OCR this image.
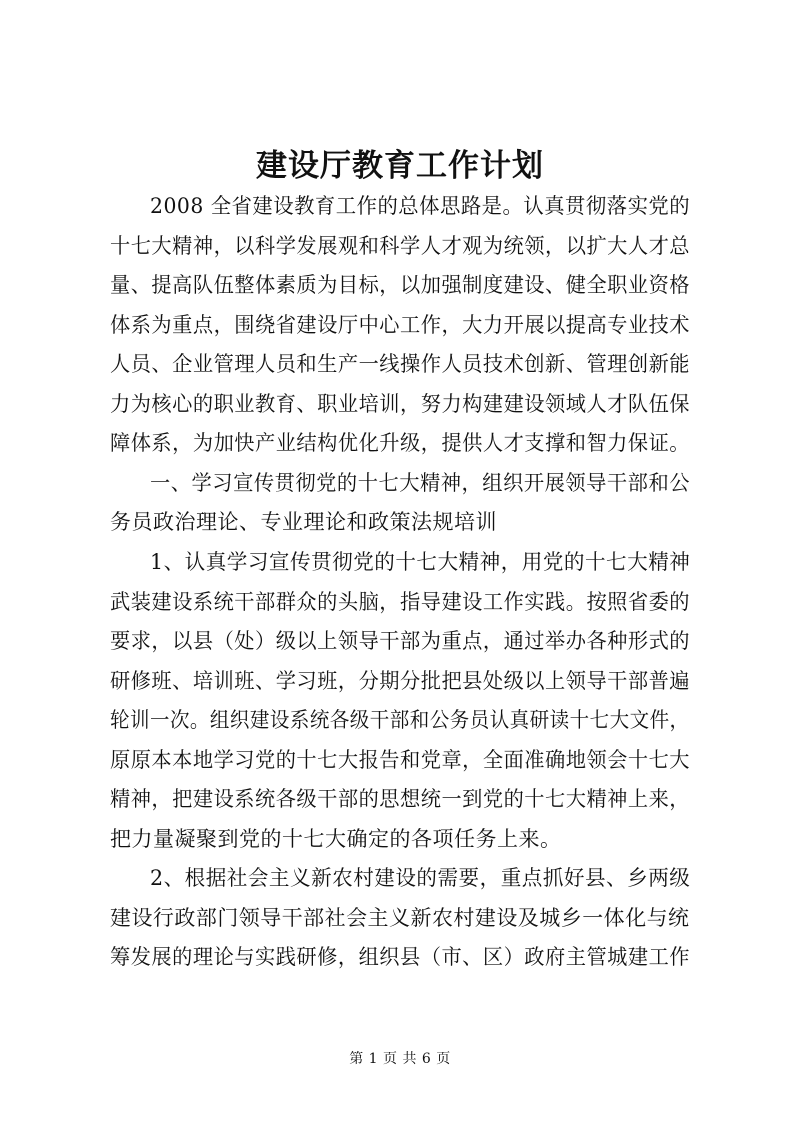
建设厅教育工作计划
2008 全省建设教育工作的总体思路是。认真贯彻落实党的
十七大精神，以科学发展观和科学人才观为统领，以扩大人才总
量、提高队伍整体素质为目标，以加强制度建设、健全职业资格
体系为重点，围绕省建设厅中心工作，大力开展以提高专业技术
人员、企业管理人员和生产一线操作人员技术创新、管理创新能
力为核心的职业教育、职业培训，努力构建建设领域人才队伍保
障体系，为加快产业结构优化升级，提供人才支撑和智力保证。
一、学习宣传贯彻党的十七大精神，组织开展领导干部和公
务员政治理论、专业理论和政策法规培训
1、认真学习宣传贯彻党的十七大精神，用党的十七大精神
武装建设系统干部群众的头脑，指导建设工作实践。按照省委的
要求，以县（处）级以上领导干部为重点，通过举办各种形式的
研修班、培训班、学习班，分期分批把县处级以上领导干部普遍
轮训一次。组织建设系统各级干部和公务员认真研读十七大文件，
原原本本地学习党的十七大报告和党章，全面准确地领会十七大
精神，把建设系统各级干部的思想统一到党的十七大精神上来，
把力量凝聚到党的十七大确定的各项任务上来。
2、根据社会主义新农村建设的需要，重点抓好县、乡两级
建设行政部门领导干部社会主义新农村建设及城乡一体化与统
筹发展的理论与实践研修，组织县（市、区）政府主管城建工作
第 1 页 共 6 页
